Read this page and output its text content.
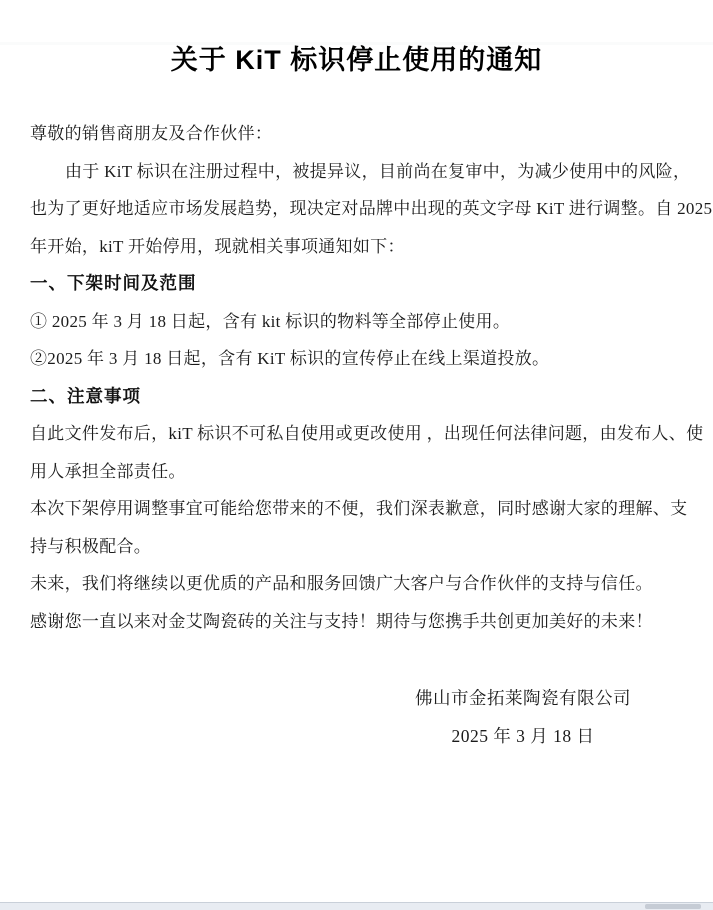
关于 KiT 标识停止使用的通知

尊敬的销售商朋友及合作伙伴：

由于 KiT 标识在注册过程中，被提异议，目前尚在复审中，为减少使用中的风险，

也为了更好地适应市场发展趋势，现决定对品牌中出现的英文字母 KiT 进行调整。自 2025

年开始，kiT 开始停用，现就相关事项通知如下：

一、下架时间及范围

① 2025 年 3 月 18 日起，含有 kit 标识的物料等全部停止使用。

②2025 年 3 月 18 日起，含有 KiT 标识的宣传停止在线上渠道投放。

二、注意事项

自此文件发布后，kiT 标识不可私自使用或更改使用 ，出现任何法律问题，由发布人、使

用人承担全部责任。

本次下架停用调整事宜可能给您带来的不便，我们深表歉意，同时感谢大家的理解、支

持与积极配合。

未来，我们将继续以更优质的产品和服务回馈广大客户与合作伙伴的支持与信任。

感谢您一直以来对金艾陶瓷砖的关注与支持！期待与您携手共创更加美好的未来！

佛山市金拓莱陶瓷有限公司

2025 年 3 月 18 日
